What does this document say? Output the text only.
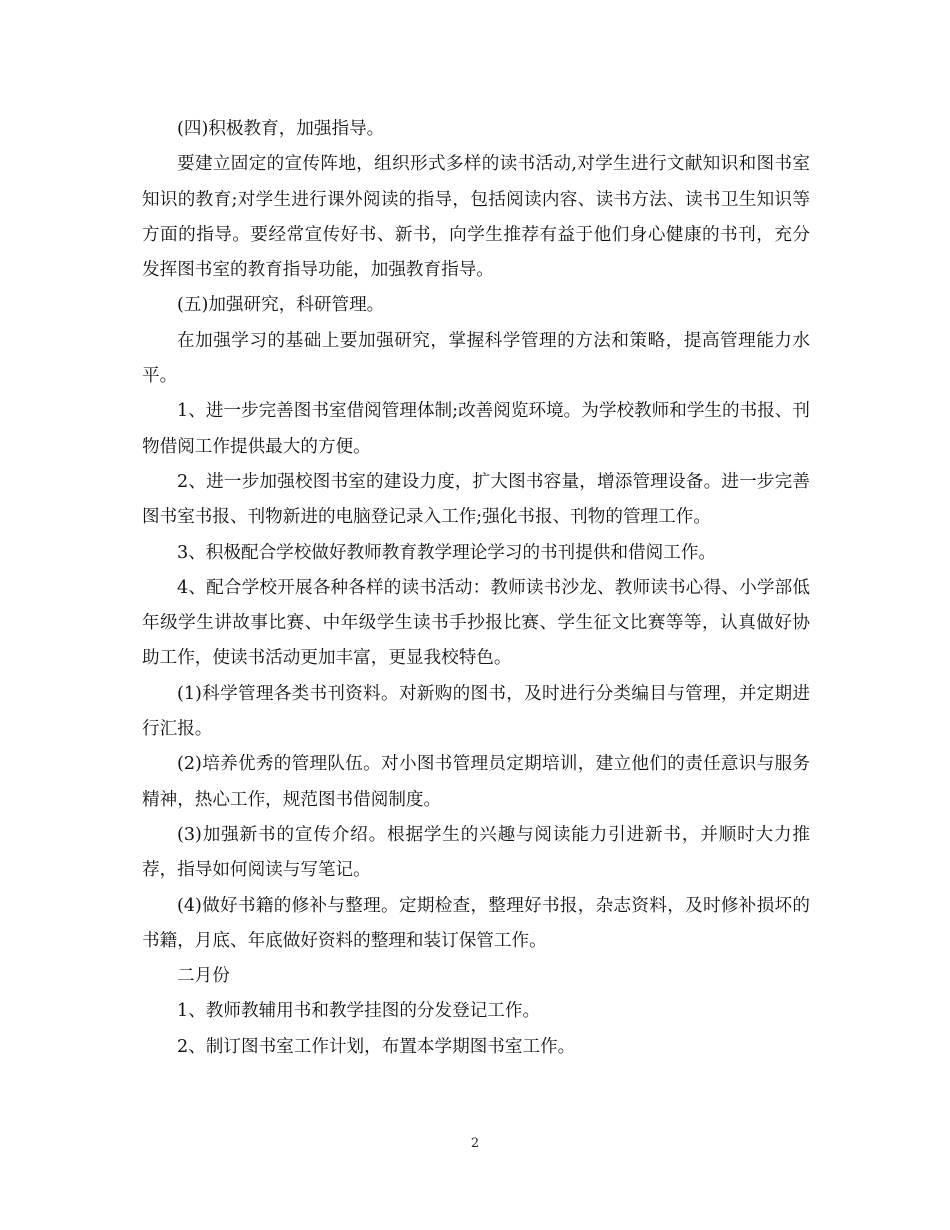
(四)积极教育，加强指导。

要建立固定的宣传阵地，组织形式多样的读书活动,对学生进行文献知识和图书室知识的教育;对学生进行课外阅读的指导，包括阅读内容、读书方法、读书卫生知识等方面的指导。要经常宣传好书、新书，向学生推荐有益于他们身心健康的书刊，充分发挥图书室的教育指导功能，加强教育指导。

(五)加强研究，科研管理。

在加强学习的基础上要加强研究，掌握科学管理的方法和策略，提高管理能力水平。

1、进一步完善图书室借阅管理体制;改善阅览环境。为学校教师和学生的书报、刊物借阅工作提供最大的方便。

2、进一步加强校图书室的建设力度，扩大图书容量，增添管理设备。进一步完善图书室书报、刊物新进的电脑登记录入工作;强化书报、刊物的管理工作。

3、积极配合学校做好教师教育教学理论学习的书刊提供和借阅工作。

4、配合学校开展各种各样的读书活动：教师读书沙龙、教师读书心得、小学部低年级学生讲故事比赛、中年级学生读书手抄报比赛、学生征文比赛等等，认真做好协助工作，使读书活动更加丰富，更显我校特色。

(1)科学管理各类书刊资料。对新购的图书，及时进行分类编目与管理，并定期进行汇报。

(2)培养优秀的管理队伍。对小图书管理员定期培训，建立他们的责任意识与服务精神，热心工作，规范图书借阅制度。

(3)加强新书的宣传介绍。根据学生的兴趣与阅读能力引进新书，并顺时大力推荐，指导如何阅读与写笔记。

(4)做好书籍的修补与整理。定期检查，整理好书报，杂志资料，及时修补损坏的书籍，月底、年底做好资料的整理和装订保管工作。

二月份

1、教师教辅用书和教学挂图的分发登记工作。

2、制订图书室工作计划，布置本学期图书室工作。

2
